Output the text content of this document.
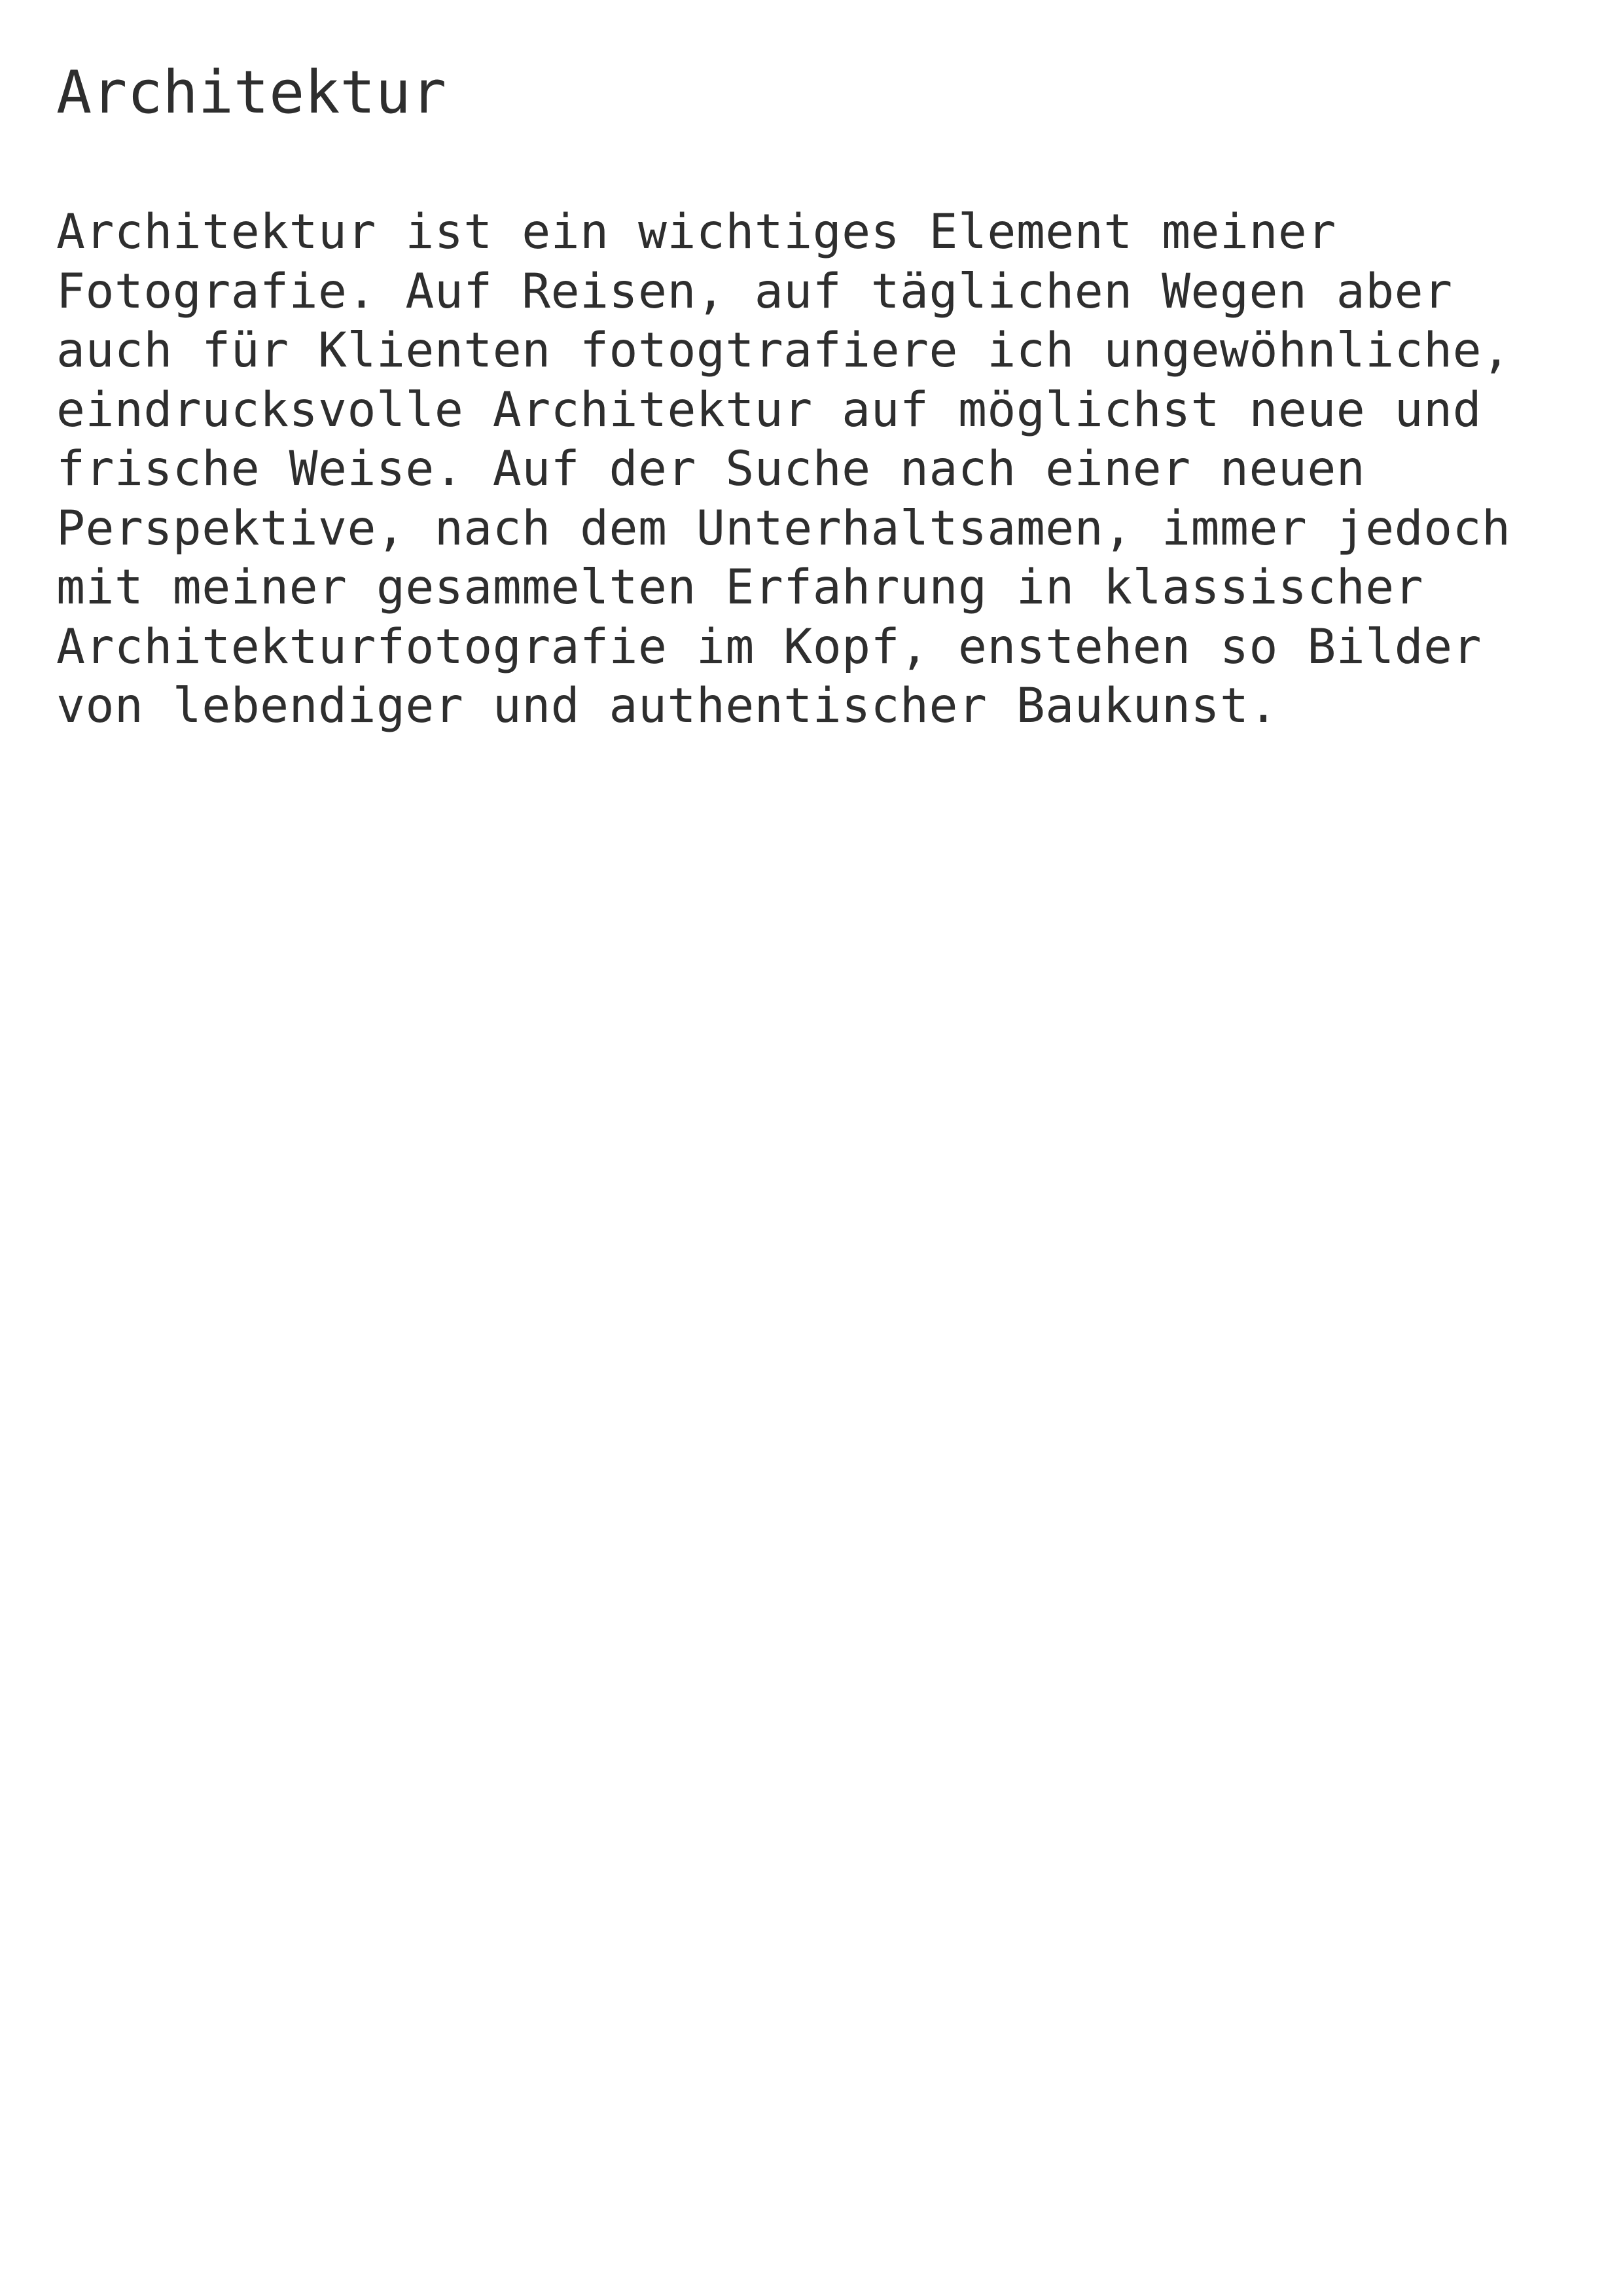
Architektur
Architektur ist ein wichtiges Element meiner
Fotografie. Auf Reisen, auf täglichen Wegen aber
auch für Klienten fotogtrafiere ich ungewöhnliche,
eindrucksvolle Architektur auf möglichst neue und
frische Weise. Auf der Suche nach einer neuen
Perspektive, nach dem Unterhaltsamen, immer jedoch
mit meiner gesammelten Erfahrung in klassischer
Architekturfotografie im Kopf, enstehen so Bilder
von lebendiger und authentischer Baukunst.
